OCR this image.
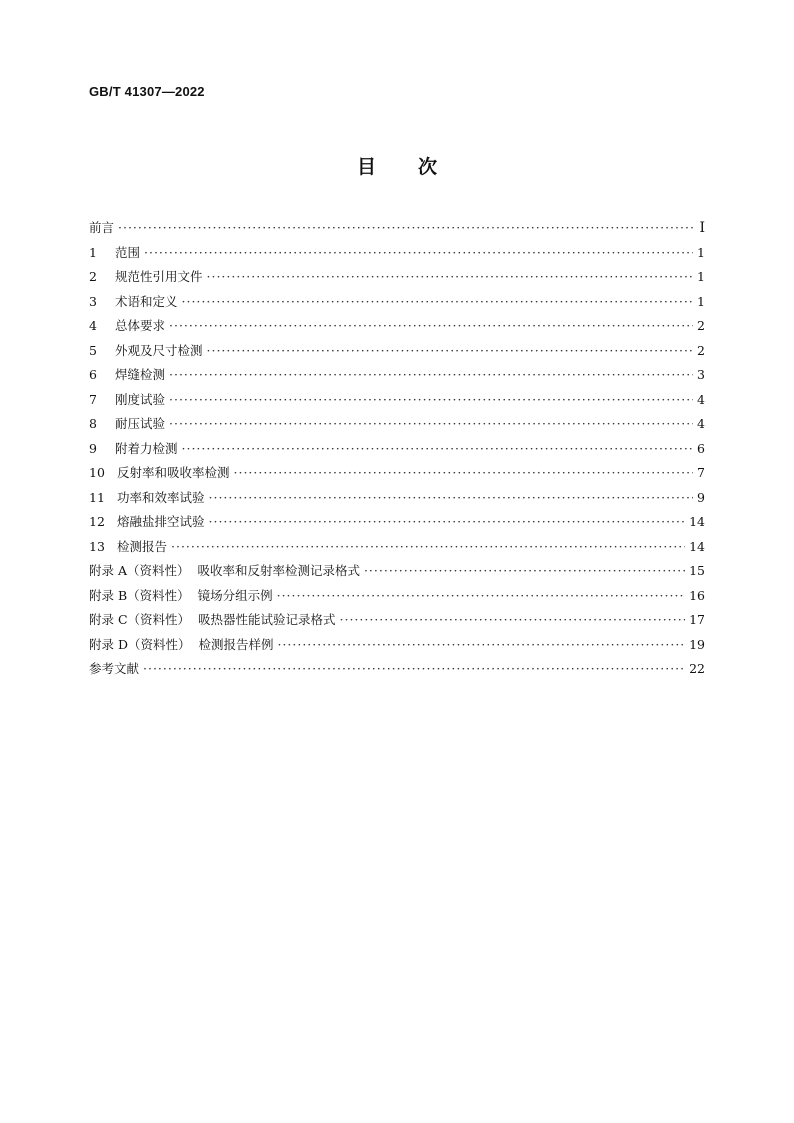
GB/T 41307—2022
目次
前言 ·····	Ⅰ
1	范围 ·····	1
2	规范性引用文件 ·····	1
3	术语和定义 ·····	1
4	总体要求 ·····	2
5	外观及尺寸检测 ·····	2
6	焊缝检测 ·····	3
7	刚度试验 ·····	4
8	耐压试验 ·····	4
9	附着力检测 ·····	6
10 反射率和吸收率检测 ·····	7
11 功率和效率试验 ·····	9
12 熔融盐排空试验 ·····	14
13 检测报告 ·····	14
附录 A（资料性）  吸收率和反射率检测记录格式 ·····	15
附录 B（资料性）  镜场分组示例 ·····	16
附录 C（资料性）  吸热器性能试验记录格式 ·····	17
附录 D（资料性）  检测报告样例 ·····	19
参考文献 ·····	22
